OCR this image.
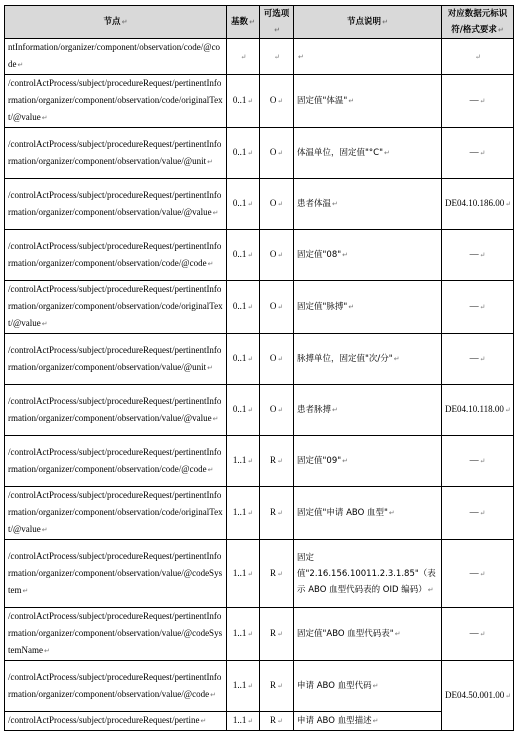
节点↵	基数↵	可选项↵	节点说明↵	对应数据元标识符/格式要求↵
ntInformation/organizer/component/observation/code/@code↵	↵	↵	↵	↵
/controlActProcess/subject/procedureRequest/pertinentInformation/organizer/component/observation/code/originalText/@value↵	0..1↵	O↵	固定值"体温"↵	—↵
/controlActProcess/subject/procedureRequest/pertinentInformation/organizer/component/observation/value/@unit↵	0..1↵	O↵	体温单位，固定值"°C"↵	—↵
/controlActProcess/subject/procedureRequest/pertinentInformation/organizer/component/observation/value/@value↵	0..1↵	O↵	患者体温↵	DE04.10.186.00↵
/controlActProcess/subject/procedureRequest/pertinentInformation/organizer/component/observation/code/@code↵	0..1↵	O↵	固定值"08"↵	—↵
/controlActProcess/subject/procedureRequest/pertinentInformation/organizer/component/observation/code/originalText/@value↵	0..1↵	O↵	固定值"脉搏"↵	—↵
/controlActProcess/subject/procedureRequest/pertinentInformation/organizer/component/observation/value/@unit↵	0..1↵	O↵	脉搏单位，固定值"次/分"↵	—↵
/controlActProcess/subject/procedureRequest/pertinentInformation/organizer/component/observation/value/@value↵	0..1↵	O↵	患者脉搏↵	DE04.10.118.00↵
/controlActProcess/subject/procedureRequest/pertinentInformation/organizer/component/observation/code/@code↵	1..1↵	R↵	固定值"09"↵	—↵
/controlActProcess/subject/procedureRequest/pertinentInformation/organizer/component/observation/code/originalText/@value↵	1..1↵	R↵	固定值"申请 ABO 血型"↵	—↵
/controlActProcess/subject/procedureRequest/pertinentInformation/organizer/component/observation/value/@codeSystem↵	1..1↵	R↵	固定值"2.16.156.10011.2.3.1.85"（表示 ABO 血型代码表的 OID 编码）↵	—↵
/controlActProcess/subject/procedureRequest/pertinentInformation/organizer/component/observation/value/@codeSystemName↵	1..1↵	R↵	固定值"ABO 血型代码表"↵	—↵
/controlActProcess/subject/procedureRequest/pertinentInformation/organizer/component/observation/value/@code↵	1..1↵	R↵	申请 ABO 血型代码↵	DE04.50.001.00↵
/controlActProcess/subject/procedureRequest/pertine↵	1..1↵	R↵	申请 ABO 血型描述↵	
